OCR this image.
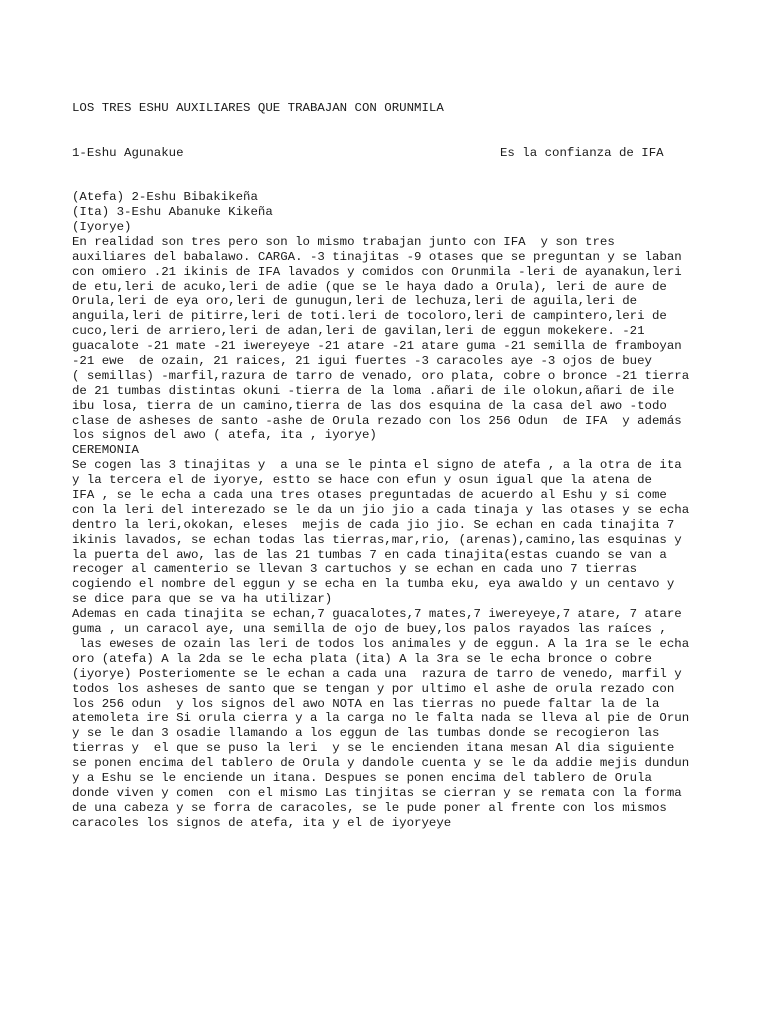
LOS TRES ESHU AUXILIARES QUE TRABAJAN CON ORUNMILA

1-Eshu Agunakue	Es la confianza de IFA

(Atefa) 2-Eshu Bibakikeña
(Ita) 3-Eshu Abanuke Kikeña
(Iyorye)
En realidad son tres pero son lo mismo trabajan junto con IFA  y son tres
auxiliares del babalawo. CARGA. -3 tinajitas -9 otases que se preguntan y se laban
con omiero .21 ikinis de IFA lavados y comidos con Orunmila -leri de ayanakun,leri
de etu,leri de acuko,leri de adie (que se le haya dado a Orula), leri de aure de
Orula,leri de eya oro,leri de gunugun,leri de lechuza,leri de aguila,leri de
anguila,leri de pitirre,leri de toti.leri de tocoloro,leri de campintero,leri de
cuco,leri de arriero,leri de adan,leri de gavilan,leri de eggun mokekere. -21
guacalote -21 mate -21 iwereyeye -21 atare -21 atare guma -21 semilla de framboyan
-21 ewe  de ozain, 21 raices, 21 igui fuertes -3 caracoles aye -3 ojos de buey
( semillas) -marfil,razura de tarro de venado, oro plata, cobre o bronce -21 tierra
de 21 tumbas distintas okuni -tierra de la loma .añari de ile olokun,añari de ile
ibu losa, tierra de un camino,tierra de las dos esquina de la casa del awo -todo
clase de asheses de santo -ashe de Orula rezado con los 256 Odun  de IFA  y además
los signos del awo ( atefa, ita , iyorye)
CEREMONIA
Se cogen las 3 tinajitas y  a una se le pinta el signo de atefa , a la otra de ita
y la tercera el de iyorye, estto se hace con efun y osun igual que la atena de
IFA , se le echa a cada una tres otases preguntadas de acuerdo al Eshu y si come
con la leri del interezado se le da un jio jio a cada tinaja y las otases y se echa
dentro la leri,okokan, eleses  mejis de cada jio jio. Se echan en cada tinajita 7
ikinis lavados, se echan todas las tierras,mar,rio, (arenas),camino,las esquinas y
la puerta del awo, las de las 21 tumbas 7 en cada tinajita(estas cuando se van a
recoger al camenterio se llevan 3 cartuchos y se echan en cada uno 7 tierras
cogiendo el nombre del eggun y se echa en la tumba eku, eya awaldo y un centavo y
se dice para que se va ha utilizar)
Ademas en cada tinajita se echan,7 guacalotes,7 mates,7 iwereyeye,7 atare, 7 atare
guma , un caracol aye, una semilla de ojo de buey,los palos rayados las raíces ,
las eweses de ozain las leri de todos los animales y de eggun. A la 1ra se le echa
oro (atefa) A la 2da se le echa plata (ita) A la 3ra se le echa bronce o cobre
(iyorye) Posteriomente se le echan a cada una  razura de tarro de venedo, marfil y
todos los asheses de santo que se tengan y por ultimo el ashe de orula rezado con
los 256 odun  y los signos del awo NOTA en las tierras no puede faltar la de la
atemoleta ire Si orula cierra y a la carga no le falta nada se lleva al pie de Orun
y se le dan 3 osadie llamando a los eggun de las tumbas donde se recogieron las
tierras y  el que se puso la leri  y se le encienden itana mesan Al dia siguiente
se ponen encima del tablero de Orula y dandole cuenta y se le da addie mejis dundun
y a Eshu se le enciende un itana. Despues se ponen encima del tablero de Orula
donde viven y comen  con el mismo Las tinjitas se cierran y se remata con la forma
de una cabeza y se forra de caracoles, se le pude poner al frente con los mismos
caracoles los signos de atefa, ita y el de iyoryeye
